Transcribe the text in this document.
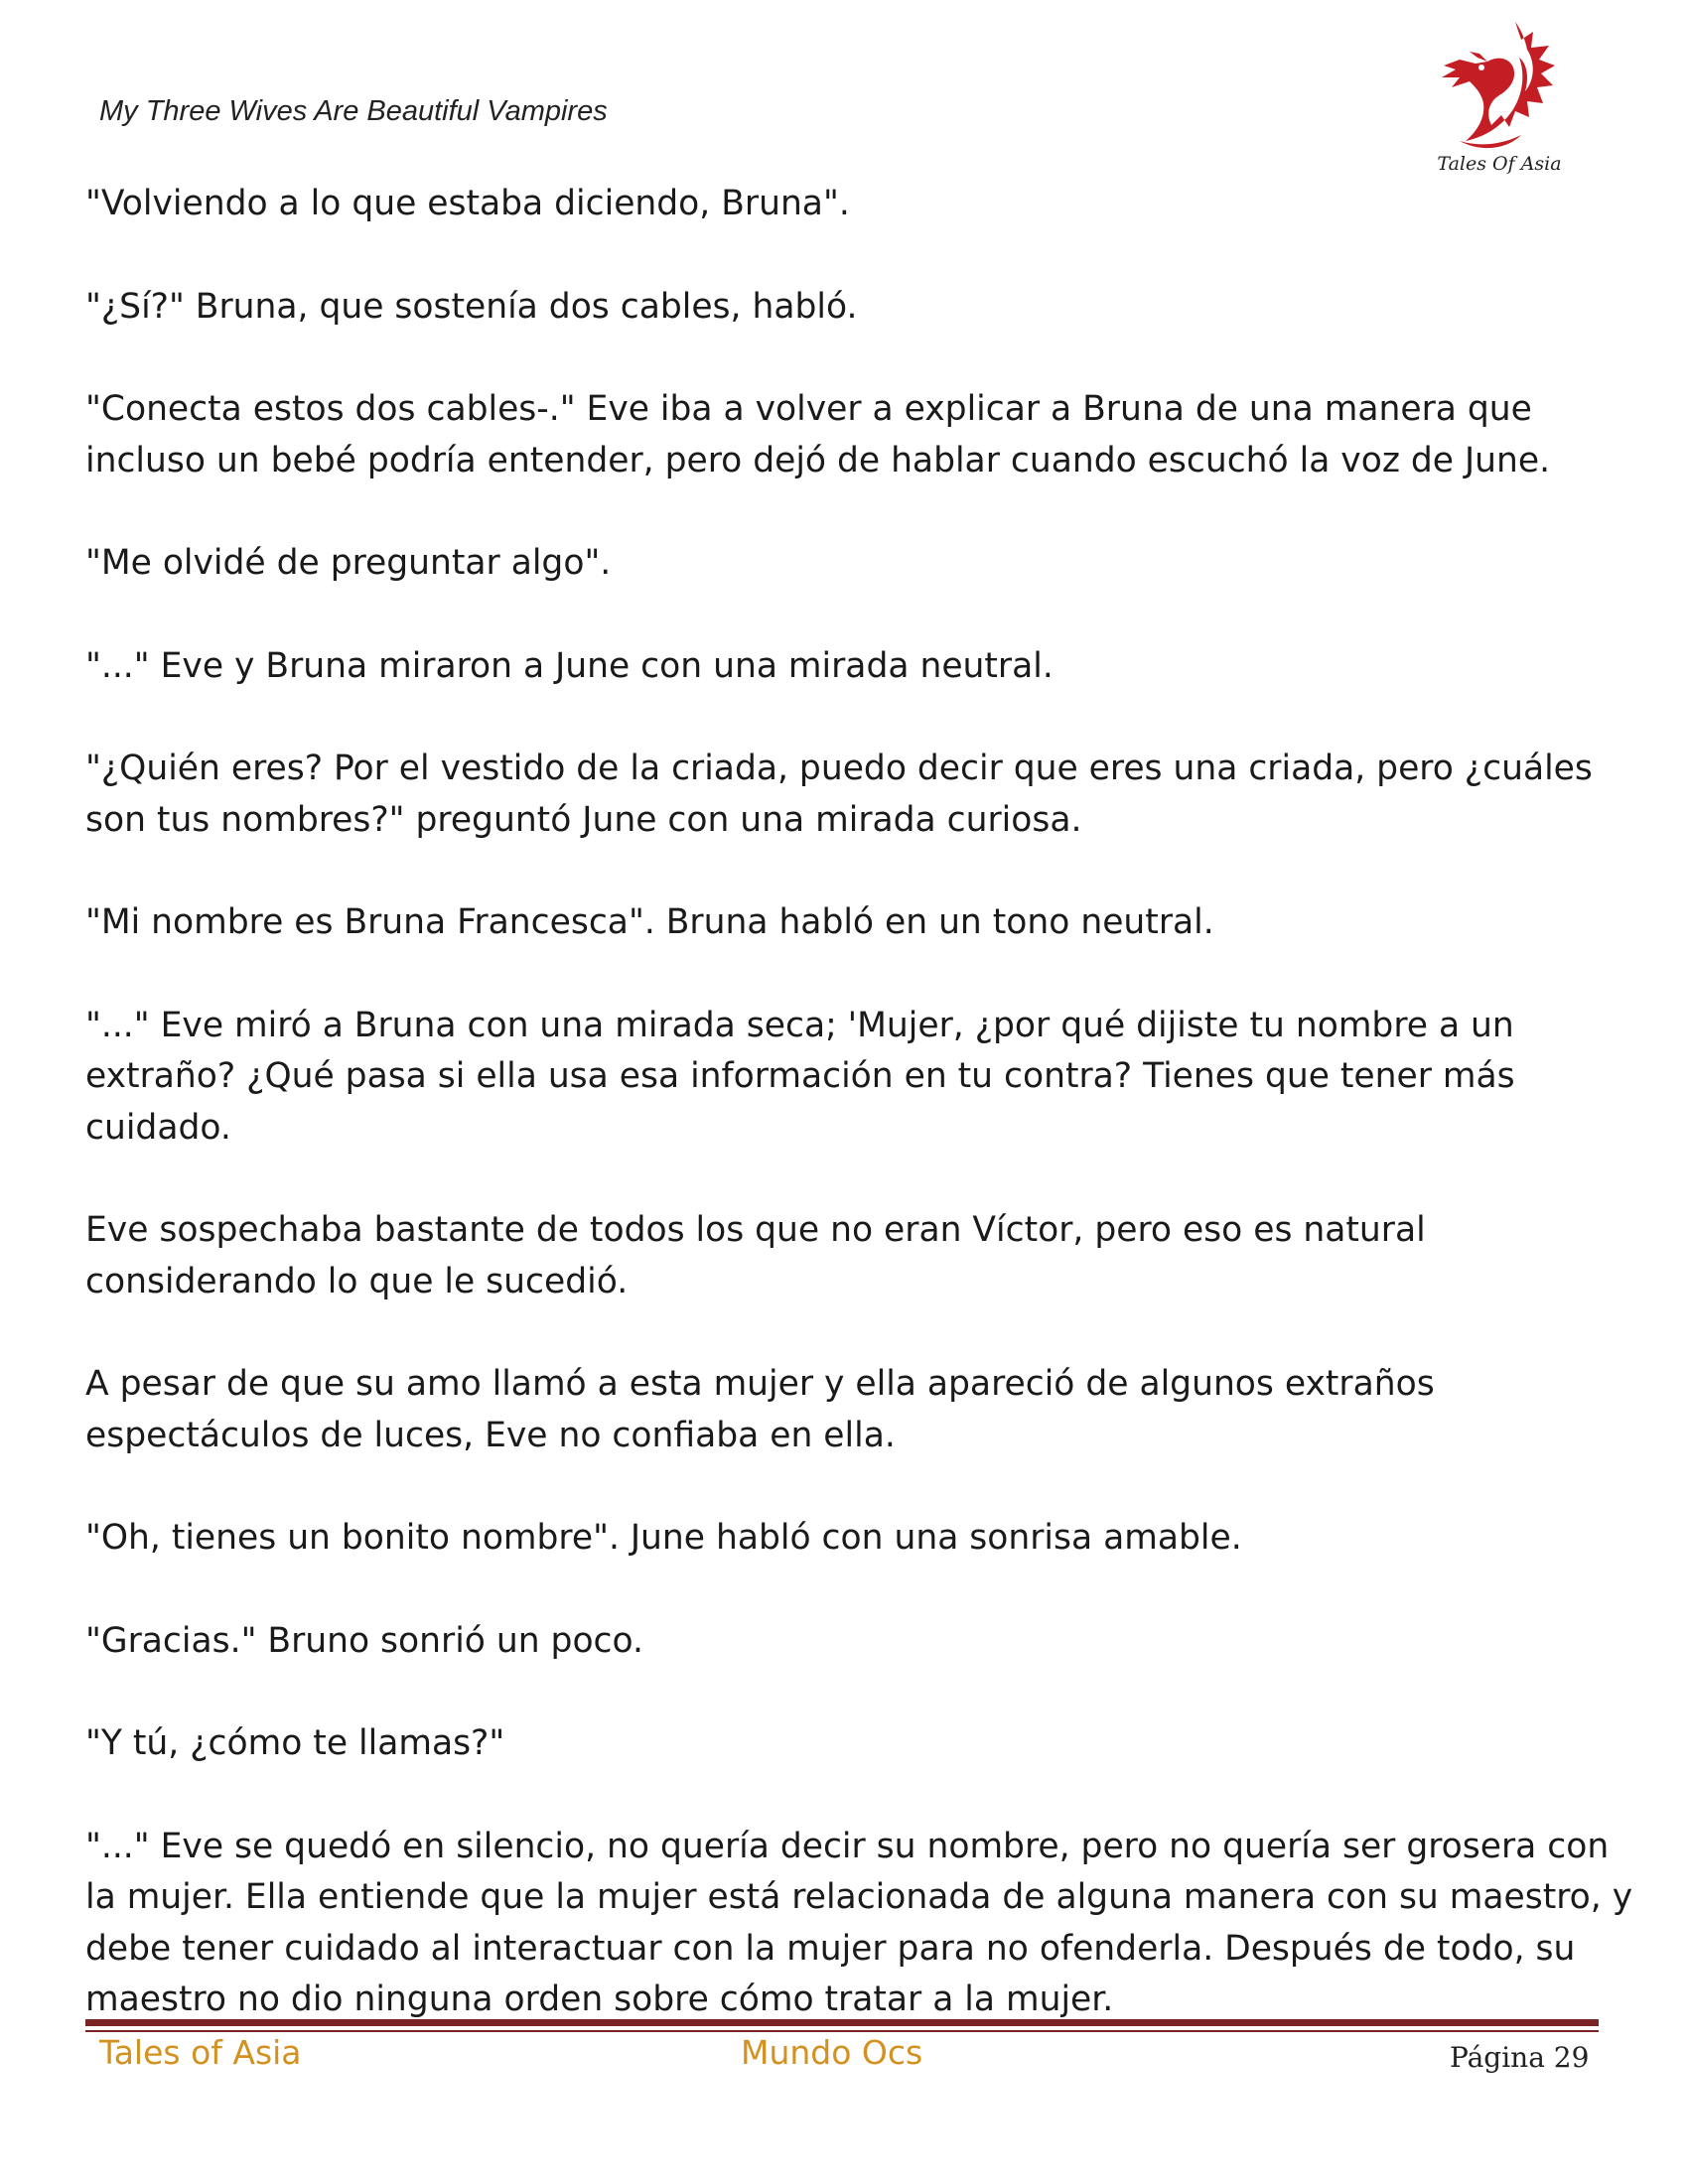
My Three Wives Are Beautiful Vampires
Tales Of Asia

"Volviendo a lo que estaba diciendo, Bruna".

"¿Sí?" Bruna, que sostenía dos cables, habló.

"Conecta estos dos cables-." Eve iba a volver a explicar a Bruna de una manera que
incluso un bebé podría entender, pero dejó de hablar cuando escuchó la voz de June.

"Me olvidé de preguntar algo".

"..." Eve y Bruna miraron a June con una mirada neutral.

"¿Quién eres? Por el vestido de la criada, puedo decir que eres una criada, pero ¿cuáles
son tus nombres?" preguntó June con una mirada curiosa.

"Mi nombre es Bruna Francesca". Bruna habló en un tono neutral.

"..." Eve miró a Bruna con una mirada seca; 'Mujer, ¿por qué dijiste tu nombre a un
extraño? ¿Qué pasa si ella usa esa información en tu contra? Tienes que tener más
cuidado.

Eve sospechaba bastante de todos los que no eran Víctor, pero eso es natural
considerando lo que le sucedió.

A pesar de que su amo llamó a esta mujer y ella apareció de algunos extraños
espectáculos de luces, Eve no confiaba en ella.

"Oh, tienes un bonito nombre". June habló con una sonrisa amable.

"Gracias." Bruno sonrió un poco.

"Y tú, ¿cómo te llamas?"

"..." Eve se quedó en silencio, no quería decir su nombre, pero no quería ser grosera con
la mujer. Ella entiende que la mujer está relacionada de alguna manera con su maestro, y
debe tener cuidado al interactuar con la mujer para no ofenderla. Después de todo, su
maestro no dio ninguna orden sobre cómo tratar a la mujer.

Tales of Asia	Mundo Ocs	Página 29
